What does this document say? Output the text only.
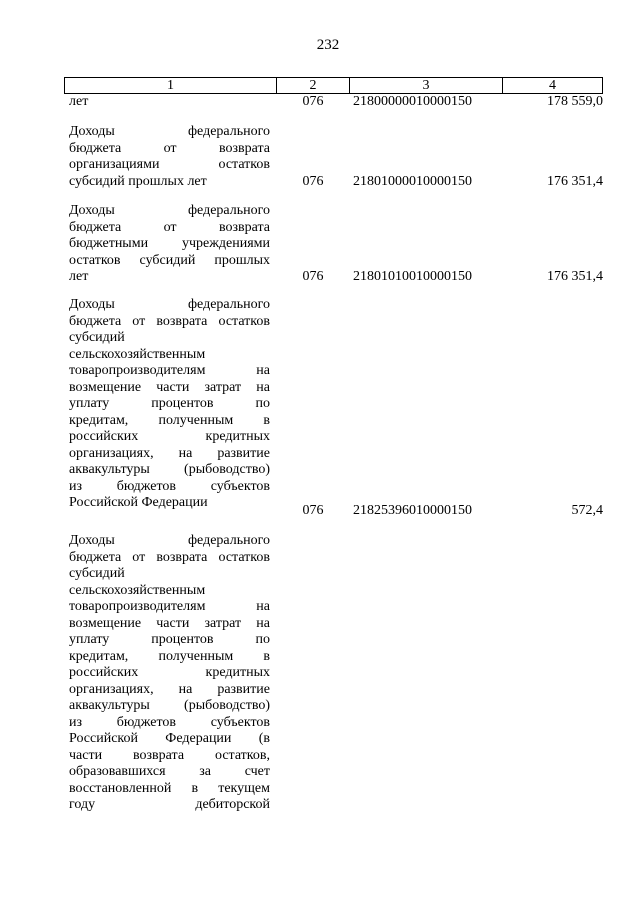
232
1	2	3	4
лет	076	21800000010000150	178 559,0
Доходы федерального
бюджета от возврата
организациями остатков
субсидий прошлых лет	076	21801000010000150	176 351,4
Доходы федерального
бюджета от возврата
бюджетными учреждениями
остатков субсидий прошлых
лет	076	21801010010000150	176 351,4
Доходы федерального
бюджета от возврата остатков
субсидий
сельскохозяйственным
товаропроизводителям на
возмещение части затрат на
уплату процентов по
кредитам, полученным в
российских кредитных
организациях, на развитие
аквакультуры (рыбоводство)
из бюджетов субъектов
Российской Федерации
076	21825396010000150	572,4
Доходы федерального
бюджета от возврата остатков
субсидий
сельскохозяйственным
товаропроизводителям на
возмещение части затрат на
уплату процентов по
кредитам, полученным в
российских кредитных
организациях, на развитие
аквакультуры (рыбоводство)
из бюджетов субъектов
Российской Федерации (в
части возврата остатков,
образовавшихся за счет
восстановленной в текущем
году дебиторской
